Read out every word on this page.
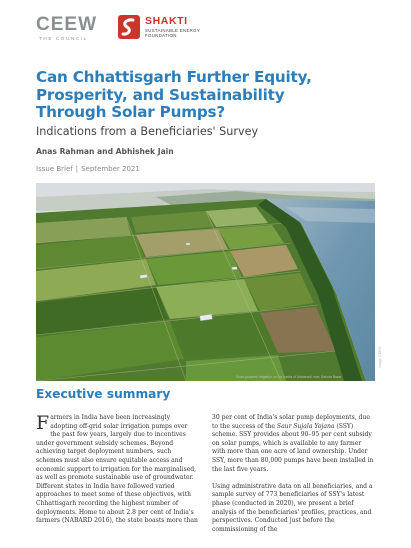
CEEW
THE COUNCIL
SHAKTI
SUSTAINABLE ENERGY
FOUNDATION
Can Chhattisgarh Further Equity,
Prosperity, and Sustainability
Through Solar Pumps?
Indications from a Beneficiaries' Survey
Anas Rahman and Abhishek Jain
Issue Brief | September 2021
Solar-powered irrigation on the banks of Mahanadi river, Baloda Bazar
Image: CEEW
Executive summary

Farmers in India have been increasingly adopting off-grid solar irrigation pumps over the past few years, largely due to incentives under government subsidy schemes. Beyond achieving target deployment numbers, such schemes must also ensure equitable access and economic support to irrigation for the marginalised, as well as promote sustainable use of groundwater. Different states in India have followed varied approaches to meet some of these objectives, with Chhattisgarh recording the highest number of deployments. Home to about 2.8 per cent of India's farmers (NABARD 2016), the state boasts more than

30 per cent of India's solar pump deployments, due to the success of the Saur Sujala Yojana (SSY) scheme. SSY provides about 90–95 per cent subsidy on solar pumps, which is available to any farmer with more than one acre of land ownership. Under SSY, more than 80,000 pumps have been installed in the last five years.

Using administrative data on all beneficiaries, and a sample survey of 773 beneficiaries of SSY's latest phase (conducted in 2020), we present a brief analysis of the beneficiaries' profiles, practices, and perspectives. Conducted just before the commissioning of the
